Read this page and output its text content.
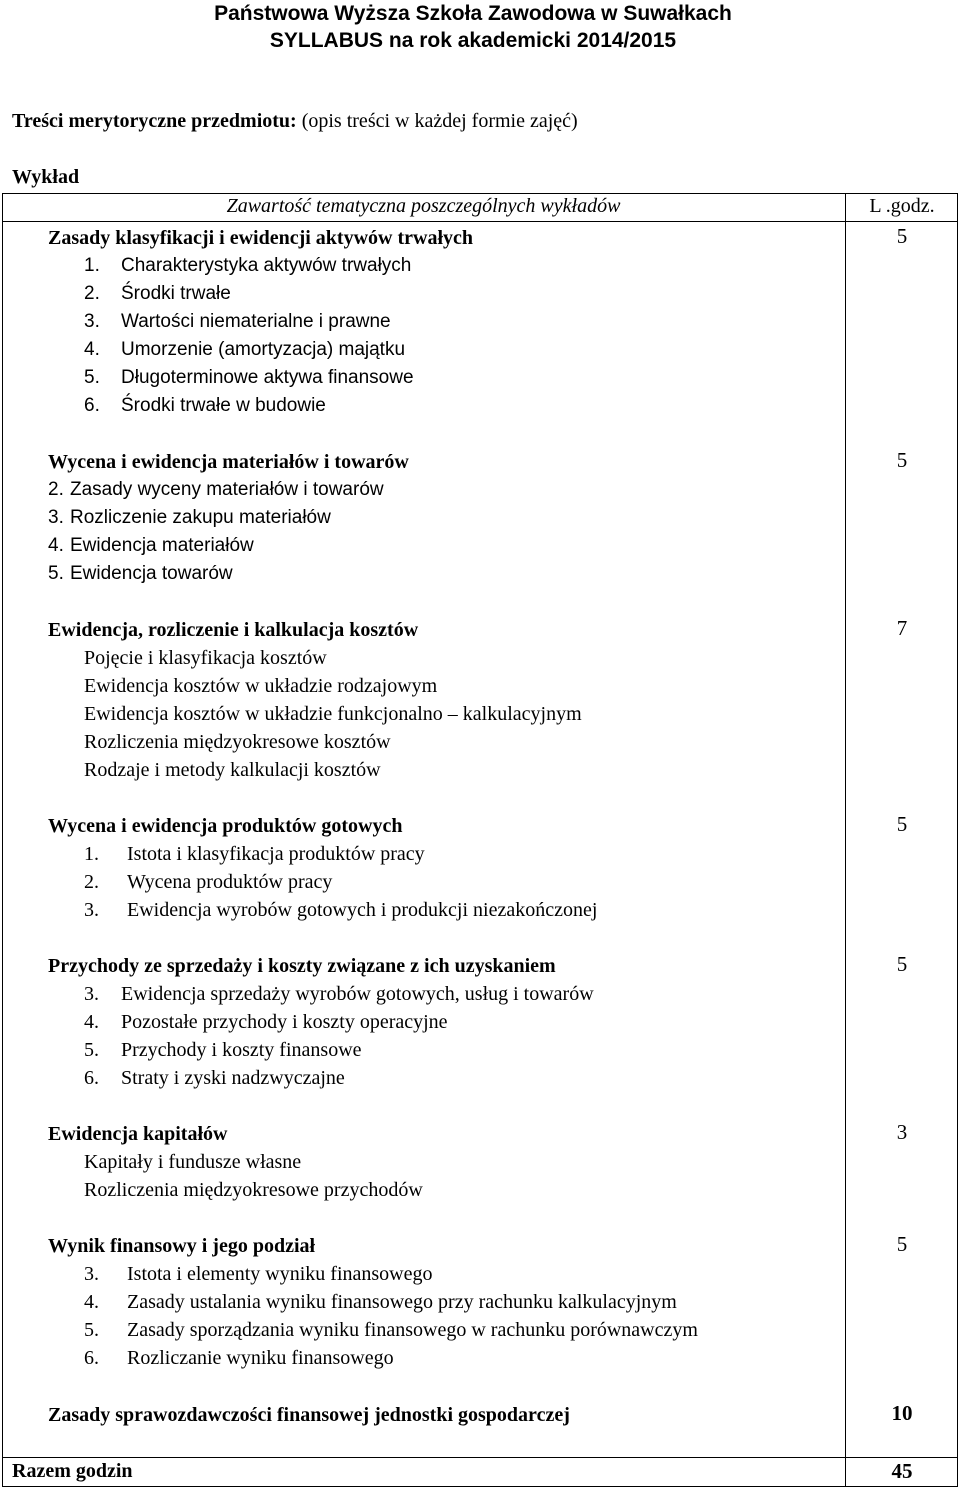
Państwowa Wyższa Szkoła Zawodowa w Suwałkach
SYLLABUS na rok akademicki 2014/2015
Treści merytoryczne przedmiotu: (opis treści w każdej formie zajęć)
Wykład
Zawartość tematyczna poszczególnych wykładów	L .godz.
Zasady klasyfikacji i ewidencji aktywów trwałych	5
1. Charakterystyka aktywów trwałych
2. Środki trwałe
3. Wartości niematerialne i prawne
4. Umorzenie (amortyzacja) majątku
5. Długoterminowe aktywa finansowe
6. Środki trwałe w budowie
Wycena i ewidencja materiałów i towarów	5
2. Zasady wyceny materiałów i towarów
3. Rozliczenie zakupu materiałów
4. Ewidencja materiałów
5. Ewidencja towarów
Ewidencja, rozliczenie i kalkulacja kosztów	7
Pojęcie i klasyfikacja kosztów
Ewidencja kosztów w układzie rodzajowym
Ewidencja kosztów w układzie funkcjonalno – kalkulacyjnym
Rozliczenia międzyokresowe kosztów
Rodzaje i metody kalkulacji kosztów
Wycena i ewidencja produktów gotowych	5
1. Istota i klasyfikacja produktów pracy
2. Wycena produktów pracy
3. Ewidencja wyrobów gotowych i produkcji niezakończonej
Przychody ze sprzedaży i koszty związane z ich uzyskaniem	5
3. Ewidencja sprzedaży wyrobów gotowych, usług i towarów
4. Pozostałe przychody i koszty operacyjne
5. Przychody i koszty finansowe
6. Straty i zyski nadzwyczajne
Ewidencja kapitałów	3
Kapitały i fundusze własne
Rozliczenia międzyokresowe przychodów
Wynik finansowy i jego podział	5
3. Istota i elementy wyniku finansowego
4. Zasady ustalania wyniku finansowego przy rachunku kalkulacyjnym
5. Zasady sporządzania wyniku finansowego w rachunku porównawczym
6. Rozliczanie wyniku finansowego
Zasady sprawozdawczości finansowej jednostki gospodarczej	10
Razem godzin	45
